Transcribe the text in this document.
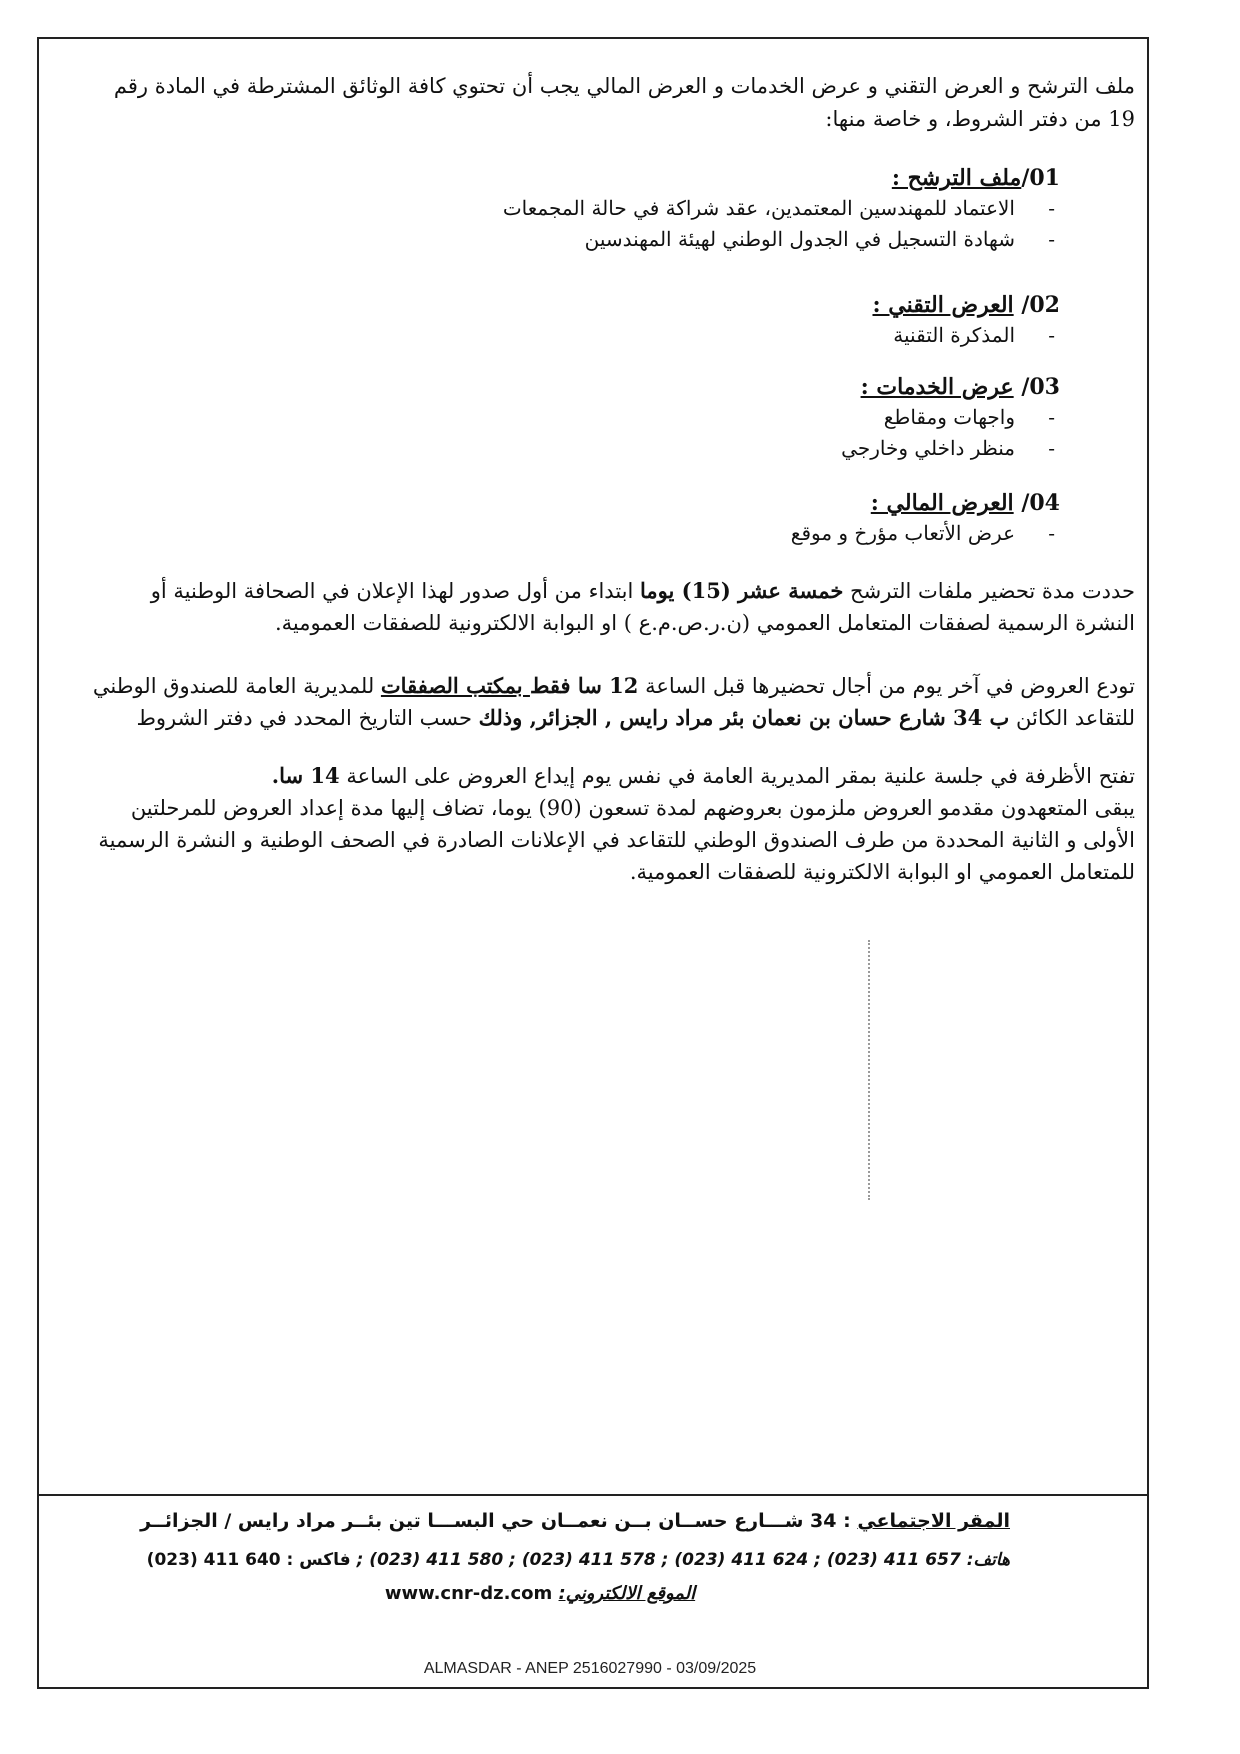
ملف الترشح و العرض التقني و عرض الخدمات و العرض المالي يجب أن تحتوي كافة الوثائق المشترطة في المادة رقم
19 من دفتر الشروط، و خاصة منها:
01/ملف الترشح :
- الاعتماد للمهندسين المعتمدين، عقد شراكة في حالة المجمعات
- شهادة التسجيل في الجدول الوطني لهيئة المهندسين
02/ العرض التقني :
- المذكرة التقنية
03/ عرض الخدمات :
- واجهات ومقاطع
- منظر داخلي وخارجي
04/ العرض المالي :
- عرض الأتعاب مؤرخ و موقع
حددت مدة تحضير ملفات الترشح خمسة عشر (15) يوما ابتداء من أول صدور لهذا الإعلان في الصحافة الوطنية أو النشرة الرسمية لصفقات المتعامل العمومي (ن.ر.ص.م.ع ) او البوابة الالكترونية للصفقات العمومية.
تودع العروض في آخر يوم من أجال تحضيرها قبل الساعة 12 سا فقط بمكتب الصفقات للمديرية العامة للصندوق الوطني للتقاعد الكائن ب 34 شارع حسان بن نعمان بئر مراد رايس , الجزائر, وذلك حسب التاريخ المحدد في دفتر الشروط
تفتح الأظرفة في جلسة علنية بمقر المديرية العامة في نفس يوم إيداع العروض على الساعة 14 سا.
يبقى المتعهدون مقدمو العروض ملزمون بعروضهم لمدة تسعون (90) يوما، تضاف إليها مدة إعداد العروض للمرحلتين الأولى و الثانية المحددة من طرف الصندوق الوطني للتقاعد في الإعلانات الصادرة في الصحف الوطنية و النشرة الرسمية للمتعامل العمومي او البوابة الالكترونية للصفقات العمومية.
المقر الاجتماعي : 34 شـــارع حســان بــن نعمــان حي البســـا تين بئــر مراد رايس / الجزائــر
هاتف: 657 411 (023) ; 624 411 (023) ; 578 411 (023) ; 580 411 (023) ; فاكس : 640 411 (023)
الموقع الالكتروني: www.cnr-dz.com
ALMASDAR - ANEP 2516027990 - 03/09/2025
